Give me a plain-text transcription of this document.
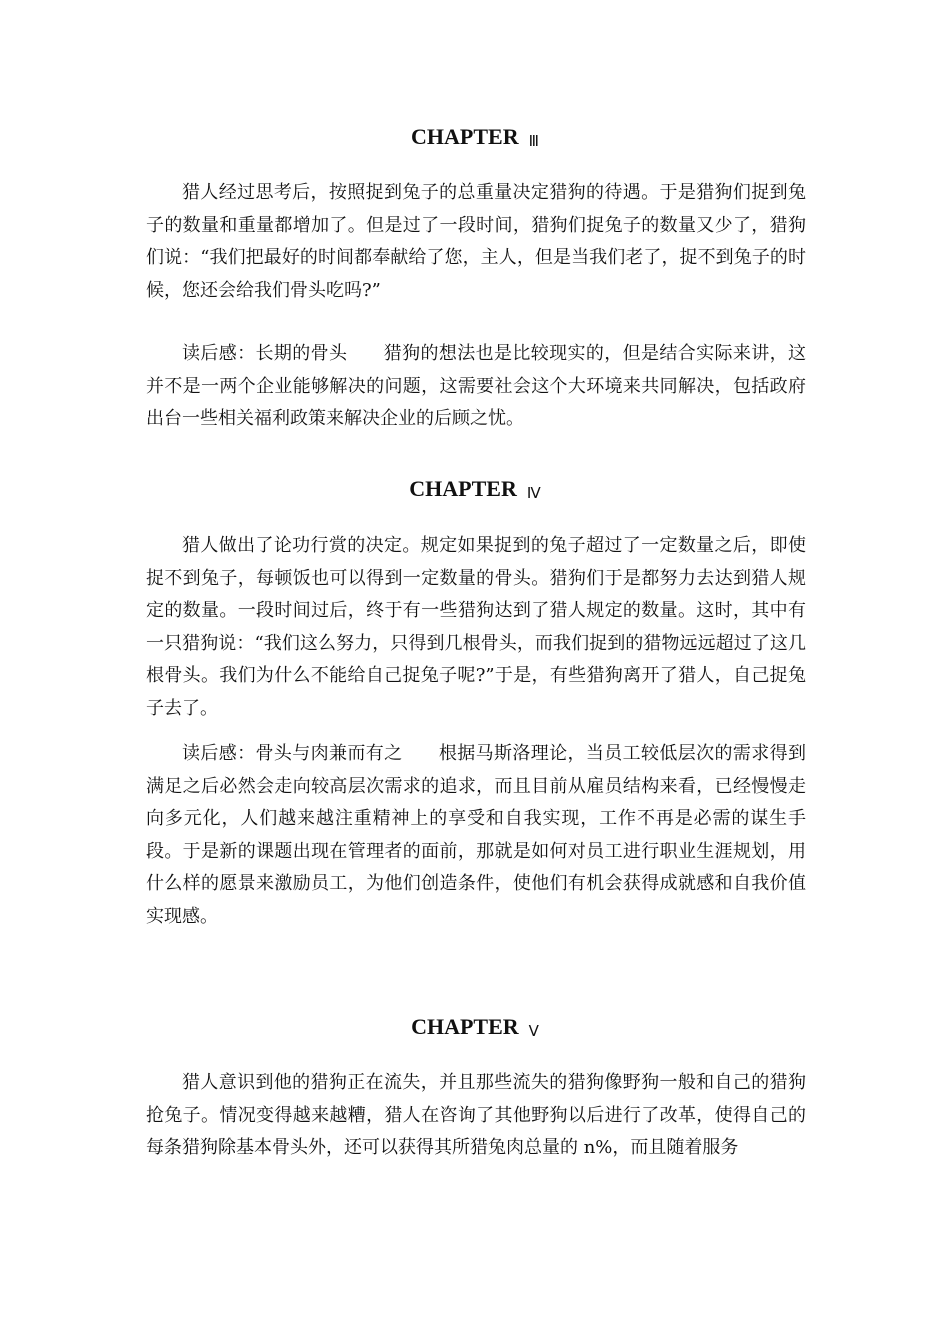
CHAPTER Ⅲ

猎人经过思考后，按照捉到兔子的总重量决定猎狗的待遇。于是猎狗们捉到兔子的数量和重量都增加了。但是过了一段时间，猎狗们捉兔子的数量又少了，猎狗们说：“我们把最好的时间都奉献给了您，主人，但是当我们老了，捉不到兔子的时候，您还会给我们骨头吃吗?”

读后感：长期的骨头 猎狗的想法也是比较现实的，但是结合实际来讲，这并不是一两个企业能够解决的问题，这需要社会这个大环境来共同解决，包括政府出台一些相关福利政策来解决企业的后顾之忧。

CHAPTER Ⅳ

猎人做出了论功行赏的决定。规定如果捉到的兔子超过了一定数量之后，即使捉不到兔子，每顿饭也可以得到一定数量的骨头。猎狗们于是都努力去达到猎人规定的数量。一段时间过后，终于有一些猎狗达到了猎人规定的数量。这时，其中有一只猎狗说：“我们这么努力，只得到几根骨头，而我们捉到的猎物远远超过了这几根骨头。我们为什么不能给自己捉兔子呢?”于是，有些猎狗离开了猎人，自己捉兔子去了。

读后感：骨头与肉兼而有之 根据马斯洛理论，当员工较低层次的需求得到满足之后必然会走向较高层次需求的追求，而且目前从雇员结构来看，已经慢慢走向多元化，人们越来越注重精神上的享受和自我实现，工作不再是必需的谋生手段。于是新的课题出现在管理者的面前，那就是如何对员工进行职业生涯规划，用什么样的愿景来激励员工，为他们创造条件，使他们有机会获得成就感和自我价值实现感。

CHAPTER Ⅴ

猎人意识到他的猎狗正在流失，并且那些流失的猎狗像野狗一般和自己的猎狗抢兔子。情况变得越来越糟，猎人在咨询了其他野狗以后进行了改革，使得自己的每条猎狗除基本骨头外，还可以获得其所猎兔肉总量的 n%，而且随着服务
